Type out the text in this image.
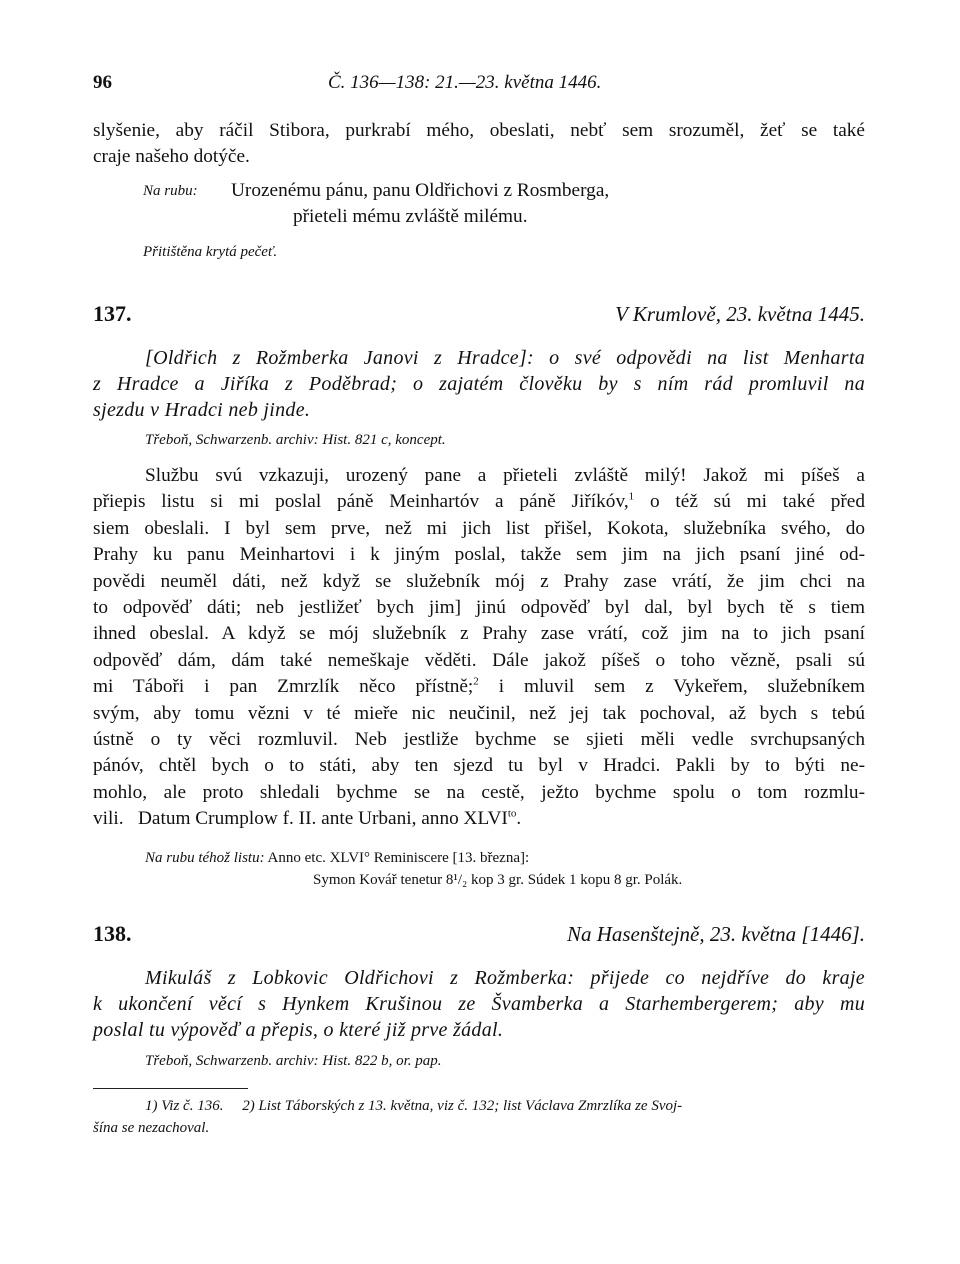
96	Č. 136—138: 21.—23. května 1446.
slyšenie, aby ráčil Stibora, purkrabí mého, obeslati, nebť sem srozuměl, žeť se také
craje našeho dotýče.
Na rubu:	Urozenému pánu, panu Oldřichovi z Rosmberga,
přieteli mému zvláště milému.
Přitištěna krytá pečeť.
137.	V Krumlově, 23. května 1445.
[Oldřich z Rožmberka Janovi z Hradce]: o své odpovědi na list Menharta
z Hradce a Jiříka z Poděbrad; o zajatém člověku by s ním rád promluvil na
sjezdu v Hradci neb jinde.
Třeboň, Schwarzenb. archiv: Hist. 821 c, koncept.
Službu svú vzkazuji, urozený pane a přieteli zvláště milý! Jakož mi píšeš a
přiepis listu si mi poslal páně Meinhartóv a páně Jiříkóv,$^1$ o též sú mi také před
siem obeslali. I byl sem prve, než mi jich list přišel, Kokota, služebníka svého, do
Prahy ku panu Meinhartovi i k jiným poslal, takže sem jim na jich psaní jiné od-
povědi neuměl dáti, než když se služebník mój z Prahy zase vrátí, že jim chci na
to odpověď dáti; neb jestližeť bych jim] jinú odpověď byl dal, byl bych tě s tiem
ihned obeslal. A když se mój služebník z Prahy zase vrátí, což jim na to jich psaní
odpověď dám, dám také nemeškaje věděti. Dále jakož píšeš o toho vězně, psali sú
mi Táboři i pan Zmrzlík něco přístně;$^2$ i mluvil sem z Vykeřem, služebníkem
svým, aby tomu vězni v té mieře nic neučinil, než jej tak pochoval, až bych s tebú
ústně o ty věci rozmluvil. Neb jestliže bychme se sjieti měli vedle svrchupsaných
pánóv, chtěl bych o to státi, aby ten sjezd tu byl v Hradci. Pakli by to býti ne-
mohlo, ale proto shledali bychme se na cestě, ježto bychme spolu o tom rozmlu-
vili.   Datum Crumplow f. II. ante Urbani, anno $XLVI^{to}$.
Na rubu téhož listu: Anno etc. XLVI° Reminiscere [13. března]:
Symon Kovář tenetur 8¹/₂ kop 3 gr. Súdek 1 kopu 8 gr. Polák.
138.	Na Hasenštejně, 23. května [1446].
Mikuláš z Lobkovic Oldřichovi z Rožmberka: přijede co nejdříve do kraje
k ukončení věcí s Hynkem Krušinou ze Švamberka a Starhembergerem; aby mu
poslal tu výpověď a přepis, o které již prve žádal.
Třeboň, Schwarzenb. archiv: Hist. 822 b, or. pap.
1) Viz č. 136.     2) List Táborských z 13. května, viz č. 132; list Václava Zmrzlíka ze Svoj-
šína se nezachoval.
